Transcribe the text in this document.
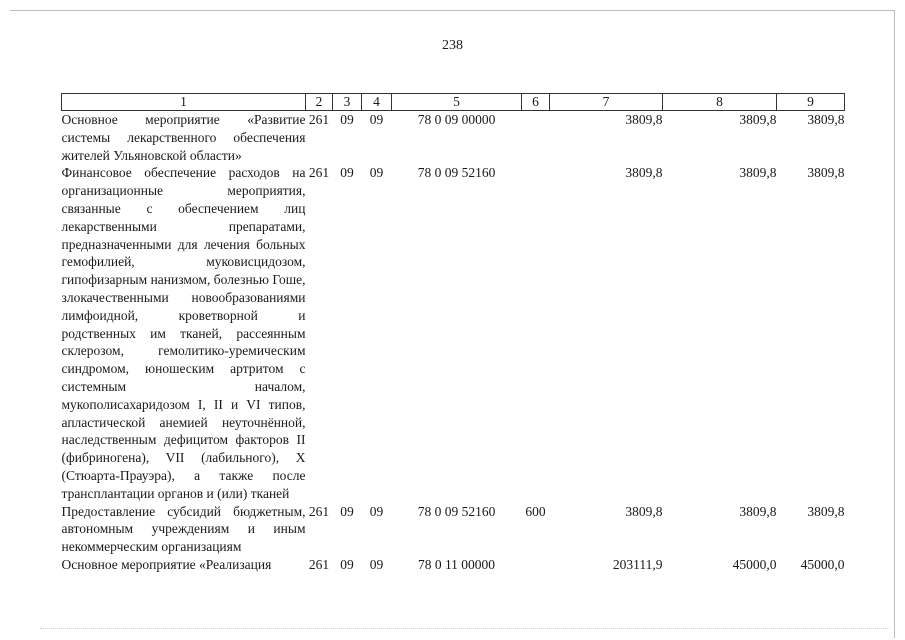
238
1	2	3	4	5	6	7	8	9
Основное мероприятие «Развитие системы лекарственного обеспечения жителей Ульяновской области»	261	09	09	78 0 09 00000		3809,8	3809,8	3809,8
Финансовое обеспечение расходов на организационные мероприятия, связанные с обеспечением лиц лекарственными препаратами, предназначенными для лечения больных гемофилией, муковисцидозом, гипофизарным нанизмом, болезнью Гоше, злокачественными новообразованиями лимфоидной, кроветворной и родственных им тканей, рассеянным склерозом, гемолитико-уремическим синдромом, юношеским артритом с системным началом, мукополисахаридозом I, II и VI типов, апластической анемией неуточнённой, наследственным дефицитом факторов II (фибриногена), VII (лабильного), X (Стюарта-Прауэра), а также после трансплантации органов и (или) тканей	261	09	09	78 0 09 52160		3809,8	3809,8	3809,8
Предоставление субсидий бюджетным, автономным учреждениям и иным некоммерческим организациям	261	09	09	78 0 09 52160	600	3809,8	3809,8	3809,8
Основное мероприятие «Реализация	261	09	09	78 0 11 00000		203111,9	45000,0	45000,0
